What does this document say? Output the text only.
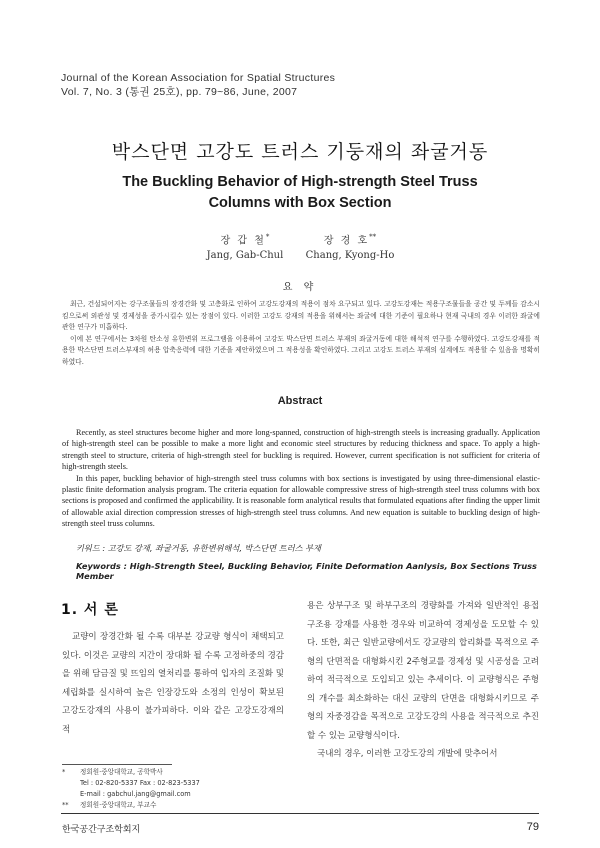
Journal of the Korean Association for Spatial Structures
Vol. 7, No. 3 (통권 25호), pp. 79~86, June, 2007
박스단면 고강도 트러스 기둥재의 좌굴거동
The Buckling Behavior of High-strength Steel Truss
Columns with Box Section
장 갑 철*
Jang, Gab-Chul
장 경 호**
Chang, Kyong-Ho
요 약

최근, 건설되어지는 강구조물들의 장경간화 및 고층화로 인하여 고강도강재의 적용이 점차 요구되고 있다. 고강도강재는 적용구조물들을 공간 및 두께들 감소시킴으로써 외관성 및 경제성을 증가시킬수 있는 장점이 있다. 이러한 고강도 강재의 적용을 위해서는 좌굴에 대한 기준이 필요하나 현재 국내의 경우 이러한 좌굴에 관한 연구가 미흡하다.

이에 본 연구에서는 3차원 탄소성 유한변위 프로그램을 이용하여 고강도 박스단면 트러스 부재의 좌굴거동에 대한 해석적 연구를 수행하였다. 고강도강재를 적용한 박스단면 트러스부재의 허용 압축응력에 대한 기준을 제안하였으며 그 적용성을 확인하였다. 그리고 고강도 트러스 부재의 설계에도 적용할 수 있음을 명확히 하였다.

Abstract

Recently, as steel structures become higher and more long-spanned, construction of high-strength steels is increasing gradually. Application of high-strength steel can be possible to make a more light and economic steel structures by reducing thickness and space. To apply a high-strength steel to structure, criteria of high-strength steel for buckling is required. However, current specification is not sufficient for criteria of high-strength steels.

In this paper, buckling behavior of high-strength steel truss columns with box sections is investigated by using three-dimensional elastic-plastic finite deformation analysis program. The criteria equation for allowable compressive stress of high-strength steel truss columns with box sections is proposed and confirmed the applicability. It is reasonable form analytical results that formulated equations after finding the upper limit of allowable axial direction compression stresses of high-strength steel truss columns. And new equation is suitable to buckling design of high-strength steel truss columns.

키워드 : 고강도 강재, 좌굴거동, 유한변위해석, 박스단면 트러스 부재
Keywords : High-Strength Steel, Buckling Behavior, Finite Deformation Aanlysis, Box Sections Truss Member
1. 서 론

교량이 장경간화 될 수록 대부분 강교량 형식이 채택되고 있다. 이것은 교량의 지간이 장대화 될 수록 고정하중의 경감을 위해 담금질 및 뜨임의 열처리를 통하여 입자의 조질화 및 세립화를 실시하여 높은 인장강도와 소정의 인성이 확보된 고강도강재의 사용이 불가피하다. 이와 같은 고강도강재의 적

용은 상부구조 및 하부구조의 경량화를 가져와 일반적인 용접구조용 강재를 사용한 경우와 비교하여 경제성을 도모할 수 있다. 또한, 최근 일반교량에서도 강교량의 합리화를 목적으로 주형의 단면적을 대형화시킨 2주형교를 경제성 및 시공성을 고려하여 적극적으로 도입되고 있는 추세이다. 이 교량형식은 주형의 개수를 최소화하는 대신 교량의 단면을 대형화시키므로 주형의 자중경감을 목적으로 고강도강의 사용을 적극적으로 추진할 수 있는 교량형식이다.

국내의 경우, 이러한 고강도강의 개발에 맞추어서

* 정회원·중앙대학교, 공학박사
Tel : 02-820-5337 Fax : 02-823-5337
E-mail : gabchul.jang@gmail.com
** 정회원·중앙대학교, 부교수
한국공간구조학회지	79
